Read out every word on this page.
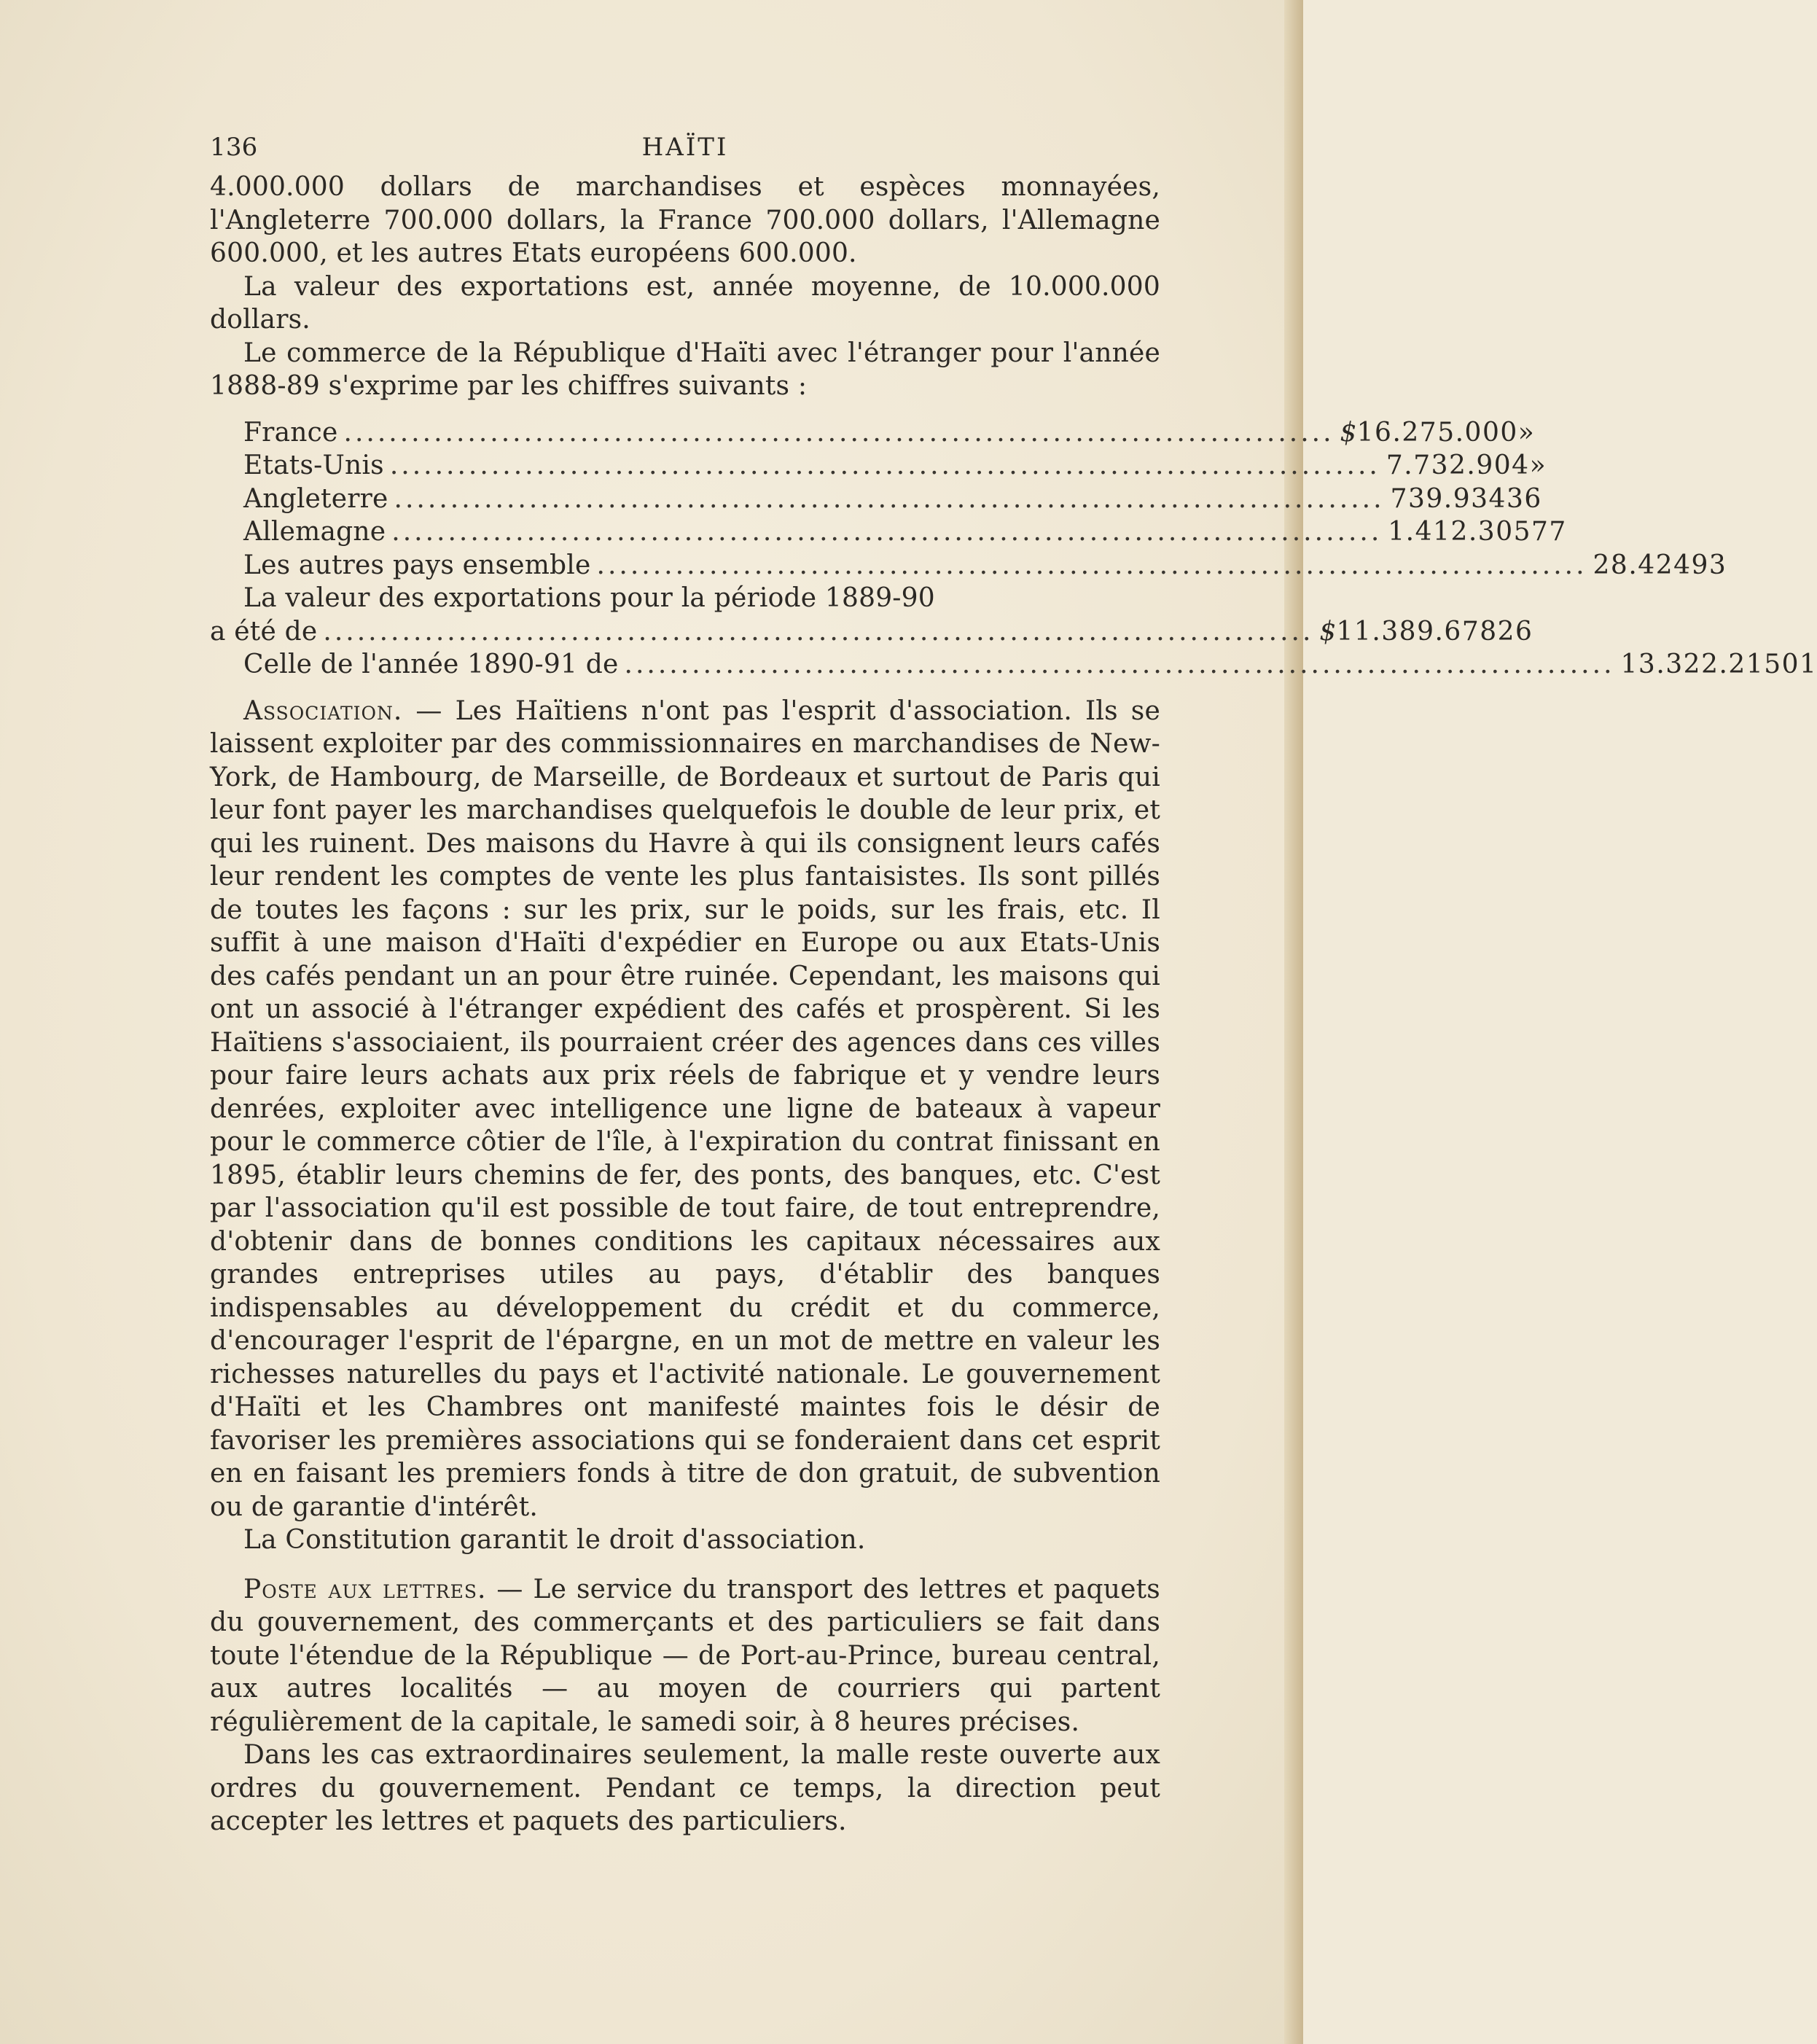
136	HAÏTI

4.000.000 dollars de marchandises et espèces monnayées, l'Angleterre 700.000 dollars, la France 700.000 dollars, l'Allemagne 600.000, et les autres Etats européens 600.000.

La valeur des exportations est, année moyenne, de 10.000.000 dollars.

Le commerce de la République d'Haïti avec l'étranger pour l'année 1888-89 s'exprime par les chiffres suivants :

France ........................................................................................ $ 16.275.000 »
Etats-Unis ........................................................................................ 7.732.904 »
Angleterre ........................................................................................ 739.934 36
Allemagne ........................................................................................ 1.412.305 77
Les autres pays ensemble ........................................................................................ 28.424 93
La valeur des exportations pour la période 1889-90
a été de ........................................................................................ $ 11.389.678 26
Celle de l'année 1890-91 de ........................................................................................ 13.322.215 01

Association. — Les Haïtiens n'ont pas l'esprit d'association. Ils se laissent exploiter par des commissionnaires en marchandises de New-York, de Hambourg, de Marseille, de Bordeaux et surtout de Paris qui leur font payer les marchandises quelquefois le double de leur prix, et qui les ruinent. Des maisons du Havre à qui ils consignent leurs cafés leur rendent les comptes de vente les plus fantaisistes. Ils sont pillés de toutes les façons : sur les prix, sur le poids, sur les frais, etc. Il suffit à une maison d'Haïti d'expédier en Europe ou aux Etats-Unis des cafés pendant un an pour être ruinée. Cependant, les maisons qui ont un associé à l'étranger expédient des cafés et prospèrent. Si les Haïtiens s'associaient, ils pourraient créer des agences dans ces villes pour faire leurs achats aux prix réels de fabrique et y vendre leurs denrées, exploiter avec intelligence une ligne de bateaux à vapeur pour le commerce côtier de l'île, à l'expiration du contrat finissant en 1895, établir leurs chemins de fer, des ponts, des banques, etc. C'est par l'association qu'il est possible de tout faire, de tout entreprendre, d'obtenir dans de bonnes conditions les capitaux nécessaires aux grandes entreprises utiles au pays, d'établir des banques indispensables au développement du crédit et du commerce, d'encourager l'esprit de l'épargne, en un mot de mettre en valeur les richesses naturelles du pays et l'activité nationale. Le gouvernement d'Haïti et les Chambres ont manifesté maintes fois le désir de favoriser les premières associations qui se fonderaient dans cet esprit en en faisant les premiers fonds à titre de don gratuit, de subvention ou de garantie d'intérêt.

La Constitution garantit le droit d'association.

Poste aux lettres. — Le service du transport des lettres et paquets du gouvernement, des commerçants et des particuliers se fait dans toute l'étendue de la République — de Port-au-Prince, bureau central, aux autres localités — au moyen de courriers qui partent régulièrement de la capitale, le samedi soir, à 8 heures précises.

Dans les cas extraordinaires seulement, la malle reste ouverte aux ordres du gouvernement. Pendant ce temps, la direction peut accepter les lettres et paquets des particuliers.
